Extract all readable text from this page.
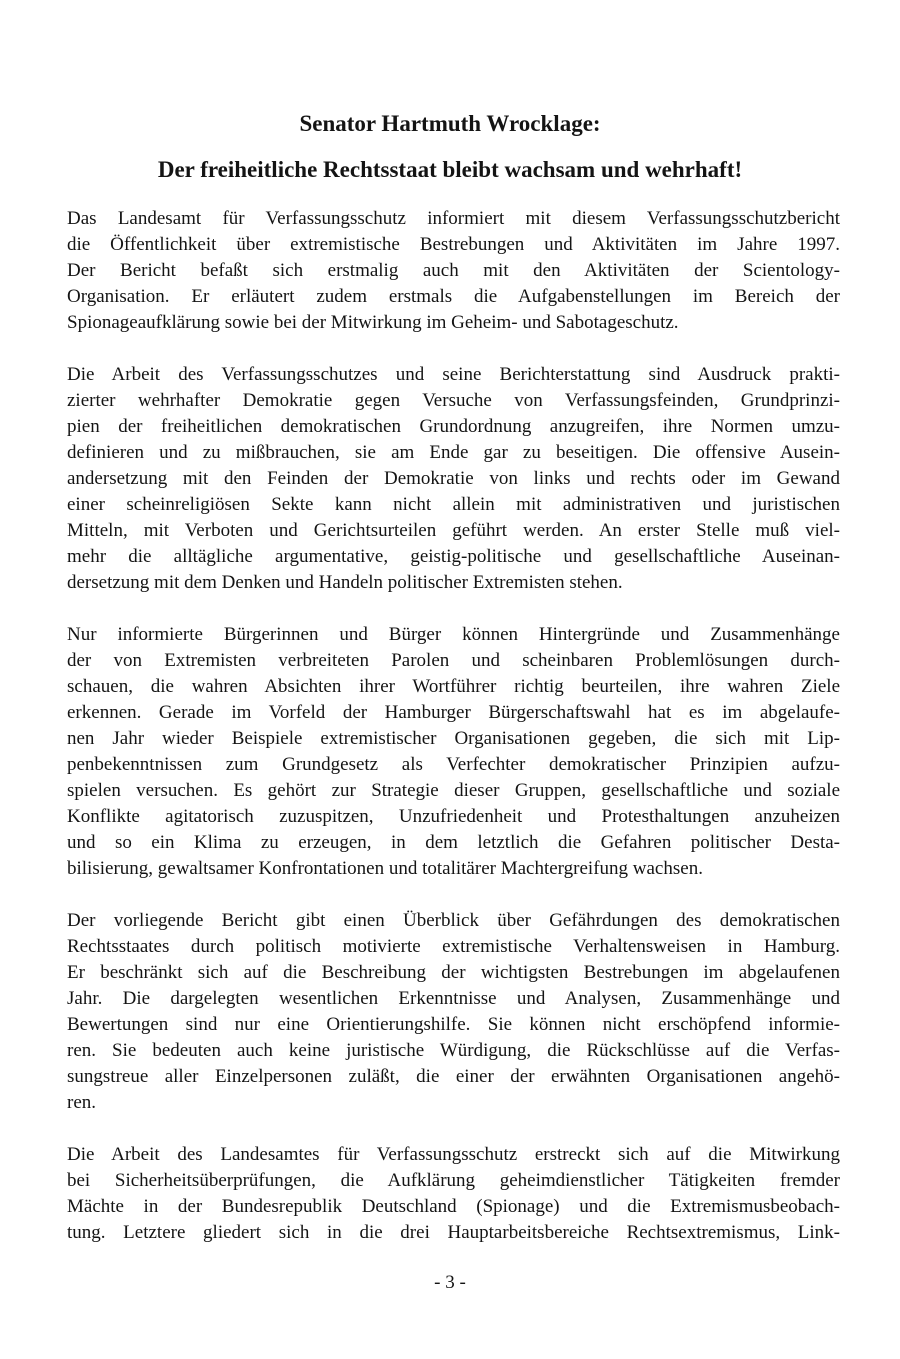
Senator Hartmuth Wrocklage:
Der freiheitliche Rechtsstaat bleibt wachsam und wehrhaft!
Das Landesamt für Verfassungsschutz informiert mit diesem Verfassungsschutzbericht
die Öffentlichkeit über extremistische Bestrebungen und Aktivitäten im Jahre 1997.
Der Bericht befaßt sich erstmalig auch mit den Aktivitäten der Scientology-
Organisation. Er erläutert zudem erstmals die Aufgabenstellungen im Bereich der
Spionageaufklärung sowie bei der Mitwirkung im Geheim- und Sabotageschutz.
Die Arbeit des Verfassungsschutzes und seine Berichterstattung sind Ausdruck prakti-
zierter wehrhafter Demokratie gegen Versuche von Verfassungsfeinden, Grundprinzi-
pien der freiheitlichen demokratischen Grundordnung anzugreifen, ihre Normen umzu-
definieren und zu mißbrauchen, sie am Ende gar zu beseitigen. Die offensive Ausein-
andersetzung mit den Feinden der Demokratie von links und rechts oder im Gewand
einer scheinreligiösen Sekte kann nicht allein mit administrativen und juristischen
Mitteln, mit Verboten und Gerichtsurteilen geführt werden. An erster Stelle muß viel-
mehr die alltägliche argumentative, geistig-politische und gesellschaftliche Auseinan-
dersetzung mit dem Denken und Handeln politischer Extremisten stehen.
Nur informierte Bürgerinnen und Bürger können Hintergründe und Zusammenhänge
der von Extremisten verbreiteten Parolen und scheinbaren Problemlösungen durch-
schauen, die wahren Absichten ihrer Wortführer richtig beurteilen, ihre wahren Ziele
erkennen. Gerade im Vorfeld der Hamburger Bürgerschaftswahl hat es im abgelaufe-
nen Jahr wieder Beispiele extremistischer Organisationen gegeben, die sich mit Lip-
penbekenntnissen zum Grundgesetz als Verfechter demokratischer Prinzipien aufzu-
spielen versuchen. Es gehört zur Strategie dieser Gruppen, gesellschaftliche und soziale
Konflikte agitatorisch zuzuspitzen, Unzufriedenheit und Protesthaltungen anzuheizen
und so ein Klima zu erzeugen, in dem letztlich die Gefahren politischer Desta-
bilisierung, gewaltsamer Konfrontationen und totalitärer Machtergreifung wachsen.
Der vorliegende Bericht gibt einen Überblick über Gefährdungen des demokratischen
Rechtsstaates durch politisch motivierte extremistische Verhaltensweisen in Hamburg.
Er beschränkt sich auf die Beschreibung der wichtigsten Bestrebungen im abgelaufenen
Jahr. Die dargelegten wesentlichen Erkenntnisse und Analysen, Zusammenhänge und
Bewertungen sind nur eine Orientierungshilfe. Sie können nicht erschöpfend informie-
ren. Sie bedeuten auch keine juristische Würdigung, die Rückschlüsse auf die Verfas-
sungstreue aller Einzelpersonen zuläßt, die einer der erwähnten Organisationen angehö-
ren.
Die Arbeit des Landesamtes für Verfassungsschutz erstreckt sich auf die Mitwirkung
bei Sicherheitsüberprüfungen, die Aufklärung geheimdienstlicher Tätigkeiten fremder
Mächte in der Bundesrepublik Deutschland (Spionage) und die Extremismusbeobach-
tung. Letztere gliedert sich in die drei Hauptarbeitsbereiche Rechtsextremismus, Link-

- 3 -
